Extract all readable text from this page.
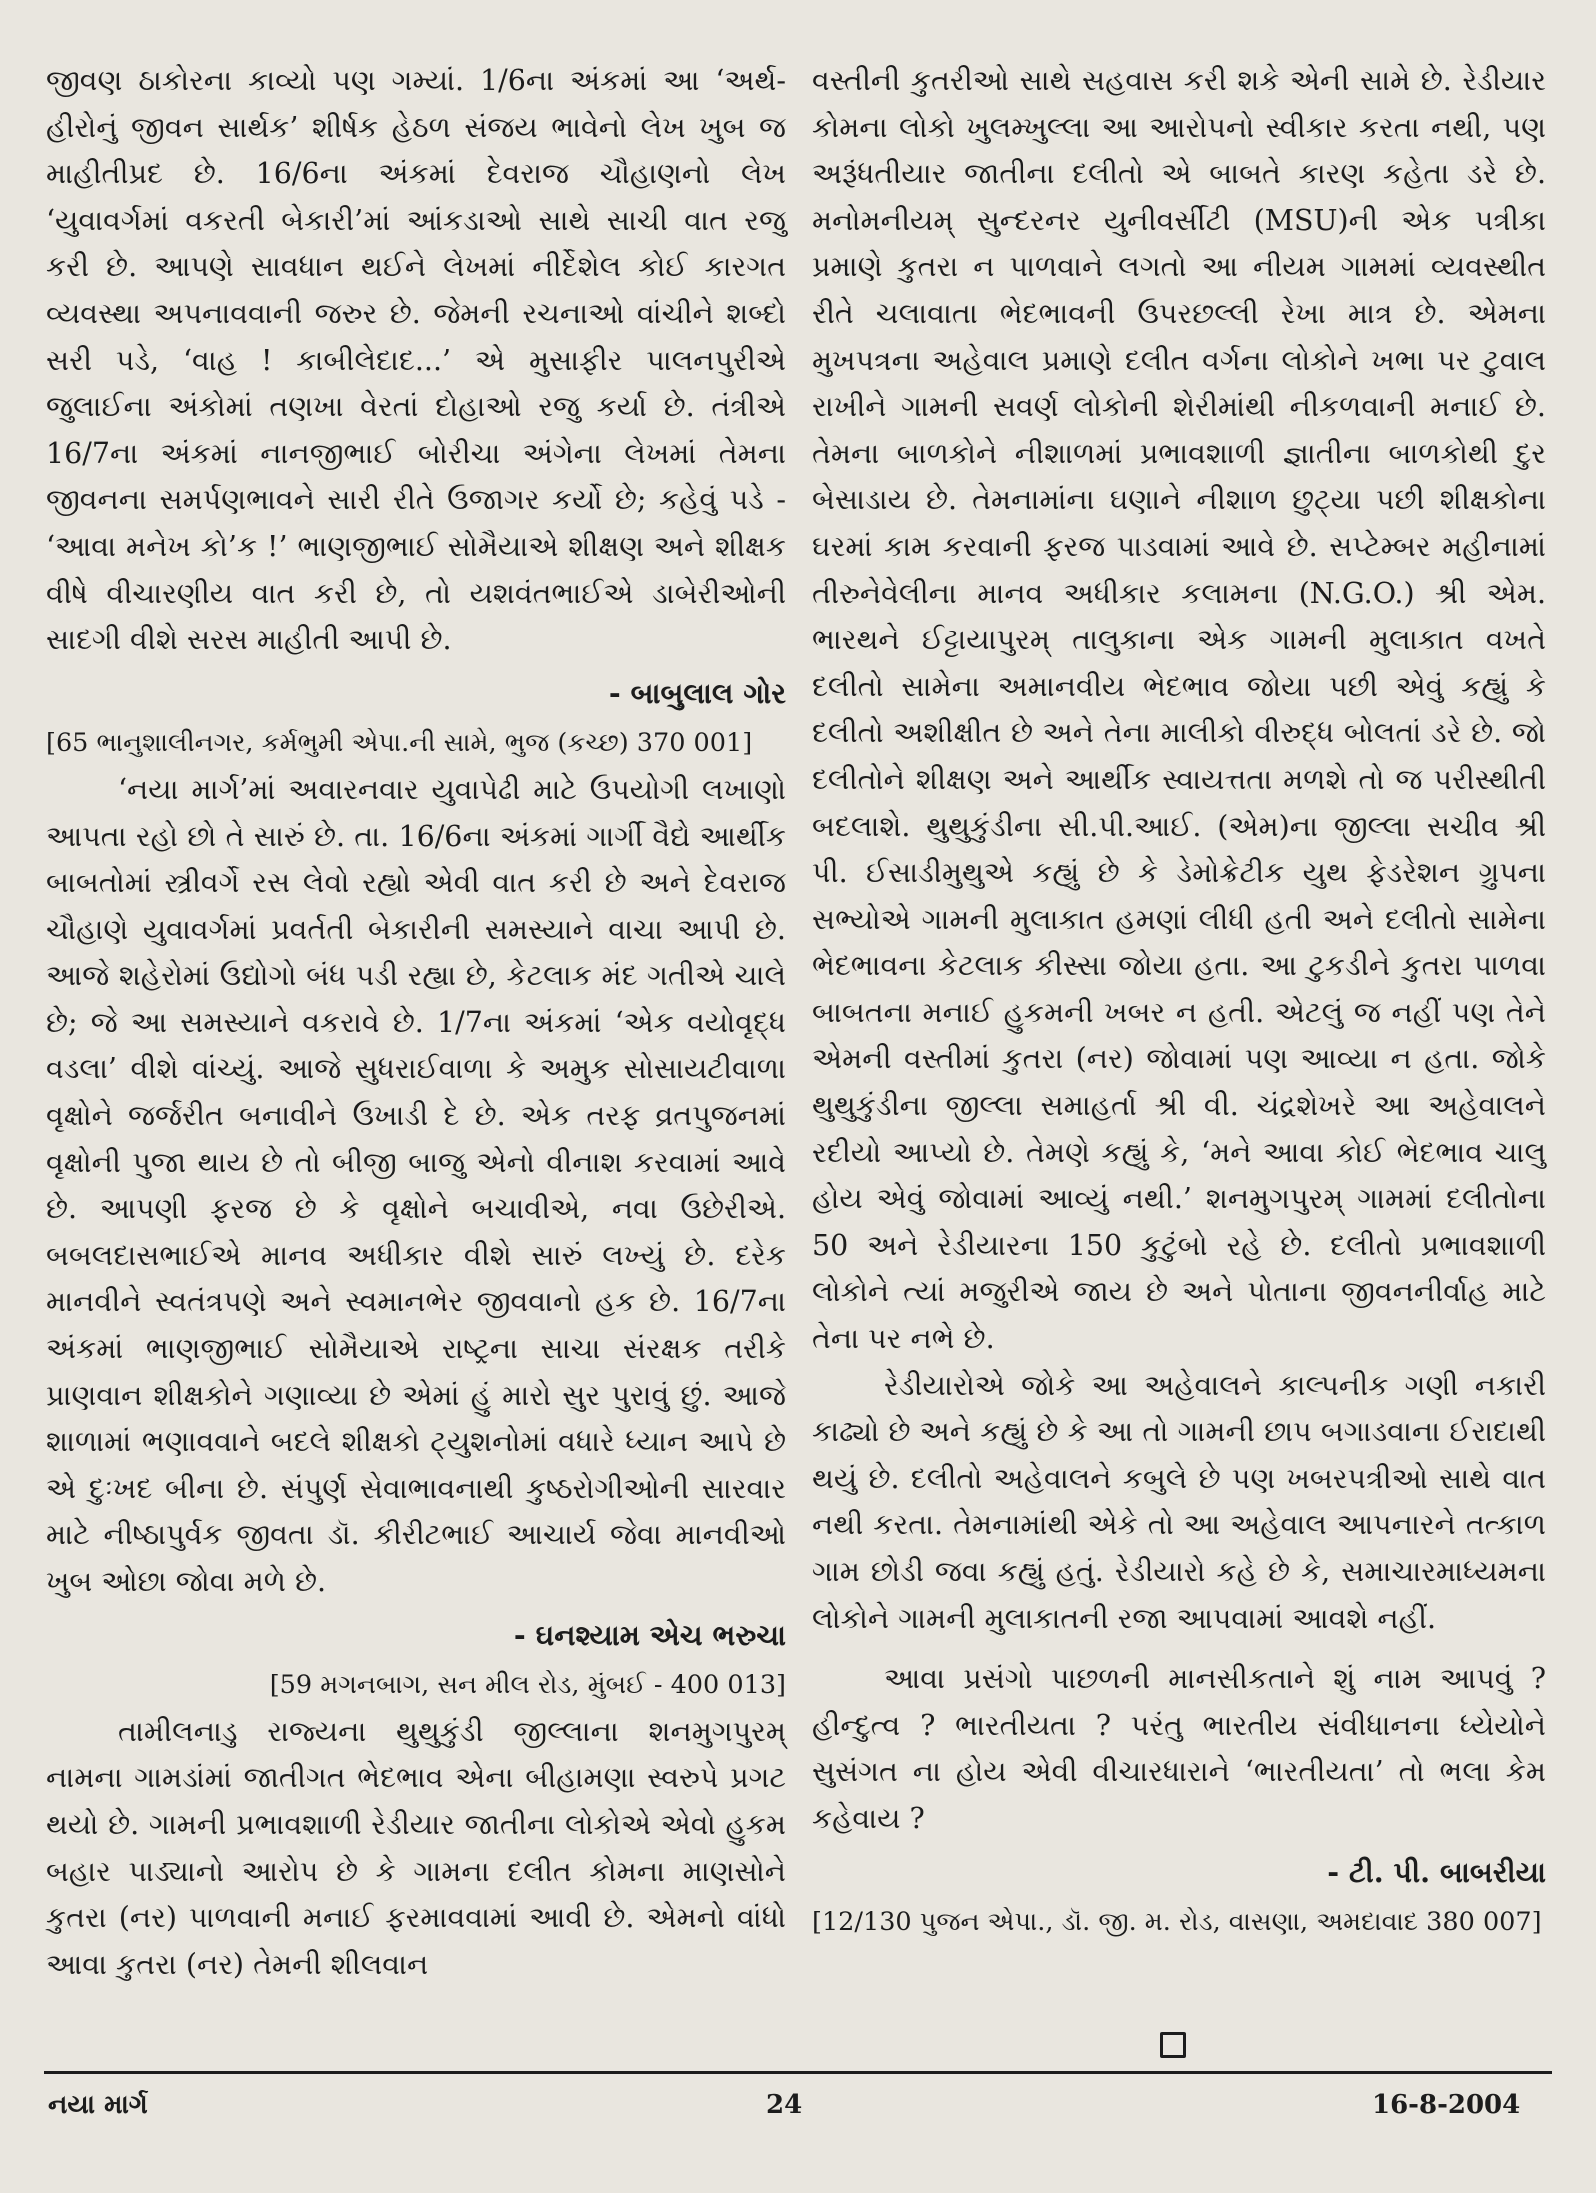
જીવણ ઠાકોરના કાવ્યો પણ ગમ્યાં. 1/6ના અંકમાં આ ‘અર્થ-હીરોનું જીવન સાર્થક’ શીર્ષક હેઠળ સંજય ભાવેનો લેખ ખુબ જ માહીતીપ્રદ છે. 16/6ના અંકમાં દેવરાજ ચૌહાણનો લેખ ‘યુવાવર્ગમાં વકરતી બેકારી’માં આંકડાઓ સાથે સાચી વાત રજુ કરી છે. આપણે સાવધાન થઈને લેખમાં નીર્દેશેલ કોઈ કારગત વ્યવસ્થા અપનાવવાની જરુર છે. જેમની રચનાઓ વાંચીને શબ્દો સરી પડે, ‘વાહ ! કાબીલેદાદ...’ એ મુસાફીર પાલનપુરીએ જુલાઈના અંકોમાં તણખા વેરતાં દોહાઓ રજુ કર્યા છે. તંત્રીએ 16/7ના અંકમાં નાનજીભાઈ બોરીચા અંગેના લેખમાં તેમના જીવનના સમર્પણભાવને સારી રીતે ઉજાગર કર્યો છે; કહેવું પડે - ‘આવા મનેખ કો’ક !’ ભાણજીભાઈ સોમૈયાએ શીક્ષણ અને શીક્ષક વીષે વીચારણીય વાત કરી છે, તો યશવંતભાઈએ ડાબેરીઓની સાદગી વીશે સરસ માહીતી આપી છે.

- બાબુલાલ ગોર

[65 ભાનુશાલીનગર, કર્મભુમી એપા.ની સામે, ભુજ (કચ્છ) 370 001]

‘નયા માર્ગ’માં અવારનવાર યુવાપેઢી માટે ઉપયોગી લખાણો આપતા રહો છો તે સારું છે. તા. 16/6ના અંકમાં ગાર્ગી વૈદ્યે આર્થીક બાબતોમાં સ્ત્રીવર્ગે રસ લેવો રહ્યો એવી વાત કરી છે અને દેવરાજ ચૌહાણે યુવાવર્ગમાં પ્રવર્તતી બેકારીની સમસ્યાને વાચા આપી છે. આજે શહેરોમાં ઉદ્યોગો બંધ પડી રહ્યા છે, કેટલાક મંદ ગતીએ ચાલે છે; જે આ સમસ્યાને વકરાવે છે. 1/7ના અંકમાં ‘એક વયોવૃદ્ધ વડલા’ વીશે વાંચ્યું. આજે સુધરાઈવાળા કે અમુક સોસાયટીવાળા વૃક્ષોને જર્જરીત બનાવીને ઉખાડી દે છે. એક તરફ વ્રતપુજનમાં વૃક્ષોની પુજા થાય છે તો બીજી બાજુ એનો વીનાશ કરવામાં આવે છે. આપણી ફરજ છે કે વૃક્ષોને બચાવીએ, નવા ઉછેરીએ. બબલદાસભાઈએ માનવ અધીકાર વીશે સારું લખ્યું છે. દરેક માનવીને સ્વતંત્રપણે અને સ્વમાનભેર જીવવાનો હક છે. 16/7ના અંકમાં ભાણજીભાઈ સોમૈયાએ રાષ્ટ્રના સાચા સંરક્ષક તરીકે પ્રાણવાન શીક્ષકોને ગણાવ્યા છે એમાં હું મારો સુર પુરાવું છું. આજે શાળામાં ભણાવવાને બદલે શીક્ષકો ટ્યુશનોમાં વધારે ધ્યાન આપે છે એ દુઃખદ બીના છે. સંપુર્ણ સેવાભાવનાથી કુષ્ઠરોગીઓની સારવાર માટે નીષ્ઠાપુર્વક જીવતા ડૉ. કીરીટભાઈ આચાર્ય જેવા માનવીઓ ખુબ ઓછા જોવા મળે છે.

- ઘનશ્યામ એચ ભરુચા

[59 મગનબાગ, સન મીલ રોડ, મુંબઈ - 400 013]

તામીલનાડુ રાજ્યના થુથુકુંડી જીલ્લાના શનમુગપુરમ્ નામના ગામડાંમાં જાતીગત ભેદભાવ એના બીહામણા સ્વરુપે પ્રગટ થયો છે. ગામની પ્રભાવશાળી રેડીયાર જાતીના લોકોએ એવો હુકમ બહાર પાડ્યાનો આરોપ છે કે ગામના દલીત કોમના માણસોને કુતરા (નર) પાળવાની મનાઈ ફરમાવવામાં આવી છે. એમનો વાંધો આવા કુતરા (નર) તેમની શીલવાન

વસ્તીની કુતરીઓ સાથે સહવાસ કરી શકે એની સામે છે. રેડીયાર કોમના લોકો ખુલમ્ખુલ્લા આ આરોપનો સ્વીકાર કરતા નથી, પણ અરૂંધતીયાર જાતીના દલીતો એ બાબતે કારણ કહેતા ડરે છે. મનોમનીયમ્ સુન્દરનર યુનીવર્સીટી (MSU)ની એક પત્રીકા પ્રમાણે કુતરા ન પાળવાને લગતો આ નીયમ ગામમાં વ્યવસ્થીત રીતે ચલાવાતા ભેદભાવની ઉપરછલ્લી રેખા માત્ર છે. એમના મુખપત્રના અહેવાલ પ્રમાણે દલીત વર્ગના લોકોને ખભા પર ટુવાલ રાખીને ગામની સવર્ણ લોકોની શેરીમાંથી નીકળવાની મનાઈ છે. તેમના બાળકોને નીશાળમાં પ્રભાવશાળી જ્ઞાતીના બાળકોથી દુર બેસાડાય છે. તેમનામાંના ઘણાને નીશાળ છુટ્યા પછી શીક્ષકોના ઘરમાં કામ કરવાની ફરજ પાડવામાં આવે છે. સપ્ટેમ્બર મહીનામાં તીરુનેવેલીના માનવ અધીકાર કલામના (N.G.O.) શ્રી એમ. ભારથને ઈટ્ટાયાપુરમ્ તાલુકાના એક ગામની મુલાકાત વખતે દલીતો સામેના અમાનવીય ભેદભાવ જોયા પછી એવું કહ્યું કે દલીતો અશીક્ષીત છે અને તેના માલીકો વીરુદ્ધ બોલતાં ડરે છે. જો દલીતોને શીક્ષણ અને આર્થીક સ્વાયત્તતા મળશે તો જ પરીસ્થીતી બદલાશે. થુથુકુંડીના સી.પી.આઈ. (એમ)ના જીલ્લા સચીવ શ્રી પી. ઈસાડીમુથુએ કહ્યું છે કે ડેમોક્રેટીક યુથ ફેડરેશન ગ્રુપના સભ્યોએ ગામની મુલાકાત હમણાં લીધી હતી અને દલીતો સામેના ભેદભાવના કેટલાક કીસ્સા જોયા હતા. આ ટુકડીને કુતરા પાળવા બાબતના મનાઈ હુકમની ખબર ન હતી. એટલું જ નહીં પણ તેને એમની વસ્તીમાં કુતરા (નર) જોવામાં પણ આવ્યા ન હતા. જોકે થુથુકુંડીના જીલ્લા સમાહર્તા શ્રી વી. ચંદ્રશેખરે આ અહેવાલને રદીયો આપ્યો છે. તેમણે કહ્યું કે, ‘મને આવા કોઈ ભેદભાવ ચાલુ હોય એવું જોવામાં આવ્યું નથી.’ શનમુગપુરમ્ ગામમાં દલીતોના 50 અને રેડીયારના 150 કુટુંબો રહે છે. દલીતો પ્રભાવશાળી લોકોને ત્યાં મજુરીએ જાય છે અને પોતાના જીવનનીર્વાહ માટે તેના પર નભે છે.

રેડીયારોએ જોકે આ અહેવાલને કાલ્પનીક ગણી નકારી કાઢ્યો છે અને કહ્યું છે કે આ તો ગામની છાપ બગાડવાના ઈરાદાથી થયું છે. દલીતો અહેવાલને કબુલે છે પણ ખબરપત્રીઓ સાથે વાત નથી કરતા. તેમનામાંથી એકે તો આ અહેવાલ આપનારને તત્કાળ ગામ છોડી જવા કહ્યું હતું. રેડીયારો કહે છે કે, સમાચારમાધ્યમના લોકોને ગામની મુલાકાતની રજા આપવામાં આવશે નહીં.

આવા પ્રસંગો પાછળની માનસીકતાને શું નામ આપવું ? હીન્દુત્વ ? ભારતીયતા ? પરંતુ ભારતીય સંવીધાનના ધ્યેયોને સુસંગત ના હોય એવી વીચારધારાને ‘ભારતીયતા’ તો ભલા કેમ કહેવાય ?

- ટી. પી. બાબરીયા

[12/130 પુજન એપા., ડૉ. જી. મ. રોડ, વાસણા, અમદાવાદ 380 007]

નયા માર્ગ	24	16-8-2004
